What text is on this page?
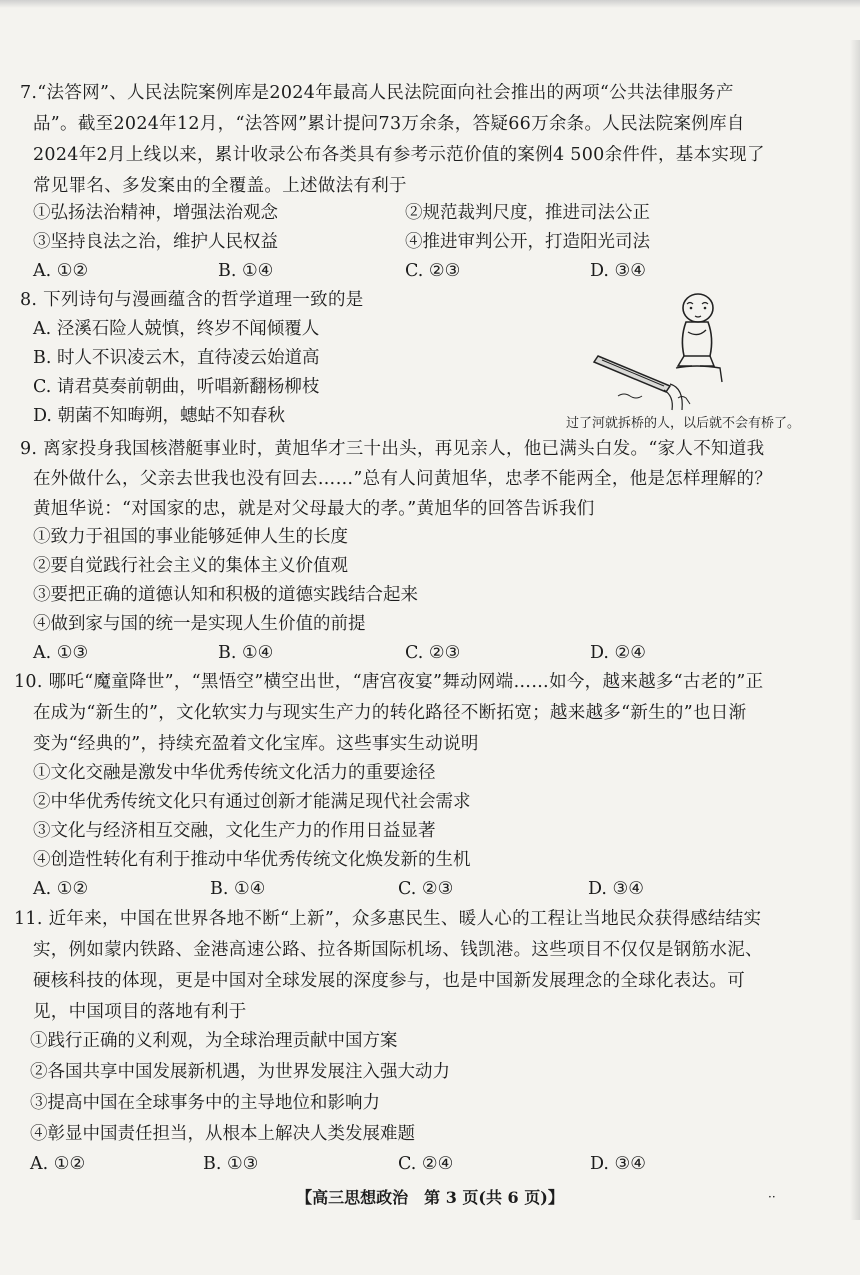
7.“法答网”、人民法院案例库是2024年最高人民法院面向社会推出的两项“公共法律服务产
品”。截至2024年12月，“法答网”累计提问73万余条，答疑66万余条。人民法院案例库自
2024年2月上线以来，累计收录公布各类具有参考示范价值的案例4 500余件件，基本实现了
常见罪名、多发案由的全覆盖。上述做法有利于
①弘扬法治精神，增强法治观念	②规范裁判尺度，推进司法公正
③坚持良法之治，维护人民权益	④推进审判公开，打造阳光司法
A. ①②	B. ①④	C. ②③	D. ③④
8. 下列诗句与漫画蕴含的哲学道理一致的是
A. 泾溪石险人兢慎，终岁不闻倾覆人
B. 时人不识凌云木，直待凌云始道高
C. 请君莫奏前朝曲，听唱新翻杨柳枝
D. 朝菌不知晦朔，蟪蛄不知春秋	过了河就拆桥的人，以后就不会有桥了。
9. 离家投身我国核潜艇事业时，黄旭华才三十出头，再见亲人，他已满头白发。“家人不知道我
在外做什么，父亲去世我也没有回去……”总有人问黄旭华，忠孝不能两全，他是怎样理解的？
黄旭华说：“对国家的忠，就是对父母最大的孝。”黄旭华的回答告诉我们
①致力于祖国的事业能够延伸人生的长度
②要自觉践行社会主义的集体主义价值观
③要把正确的道德认知和积极的道德实践结合起来
④做到家与国的统一是实现人生价值的前提
A. ①③	B. ①④	C. ②③	D. ②④
10. 哪吒“魔童降世”，“黑悟空”横空出世，“唐宫夜宴”舞动网端……如今，越来越多“古老的”正
在成为“新生的”，文化软实力与现实生产力的转化路径不断拓宽；越来越多“新生的”也日渐
变为“经典的”，持续充盈着文化宝库。这些事实生动说明
①文化交融是激发中华优秀传统文化活力的重要途径
②中华优秀传统文化只有通过创新才能满足现代社会需求
③文化与经济相互交融，文化生产力的作用日益显著
④创造性转化有利于推动中华优秀传统文化焕发新的生机
A. ①②	B. ①④	C. ②③	D. ③④
11. 近年来，中国在世界各地不断“上新”，众多惠民生、暖人心的工程让当地民众获得感结结实
实，例如蒙内铁路、金港高速公路、拉各斯国际机场、钱凯港。这些项目不仅仅是钢筋水泥、
硬核科技的体现，更是中国对全球发展的深度参与，也是中国新发展理念的全球化表达。可
见，中国项目的落地有利于
①践行正确的义利观，为全球治理贡献中国方案
②各国共享中国发展新机遇，为世界发展注入强大动力
③提高中国在全球事务中的主导地位和影响力
④彰显中国责任担当，从根本上解决人类发展难题
A. ①②	B. ①③	C. ②④	D. ③④
【高三思想政治　第 3 页(共 6 页)】	··
